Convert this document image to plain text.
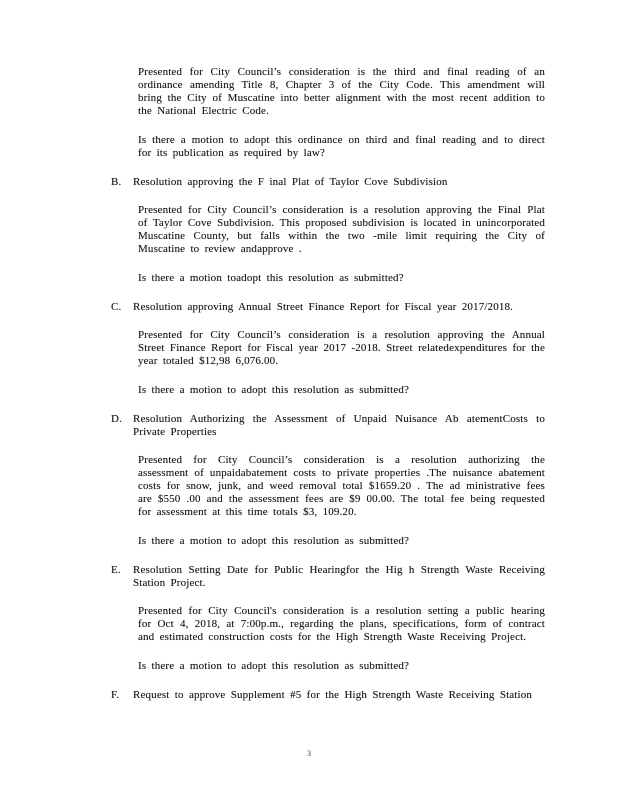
Presented for City Council’s consideration is the third and final reading of an ordinance amending Title 8, Chapter 3 of the City Code. This amendment will bring the City of Muscatine into better alignment with the most recent addition to the National Electric Code.

Is there a motion to adopt this ordinance on third and final reading and to direct for its publication as required by law?

B.	Resolution approving the F inal Plat of Taylor Cove Subdivision

Presented for City Council’s consideration is a resolution approving the Final Plat of Taylor Cove Subdivision. This proposed subdivision is located in unincorporated Muscatine County, but falls within the two -mile limit requiring the City of Muscatine to review andapprove .

Is there a motion toadopt this resolution as submitted?

C.	Resolution approving Annual Street Finance Report for Fiscal year 2017/2018.

Presented for City Council’s consideration is a resolution approving the Annual Street Finance Report for Fiscal year 2017 -2018. Street relatedexpenditures for the year totaled $12,98 6,076.00.

Is there a motion to adopt this resolution as submitted?

D.	Resolution Authorizing the Assessment of Unpaid Nuisance Ab atementCosts to Private Properties

Presented for City Council’s consideration is a resolution authorizing the assessment of unpaidabatement costs to private properties .The nuisance abatement costs for snow, junk, and weed removal total $1659.20 . The ad ministrative fees are $550 .00 and the assessment fees are $9 00.00. The total fee being requested for assessment at this time totals $3, 109.20.

Is there a motion to adopt this resolution as submitted?

E.	Resolution Setting Date for Public Hearingfor the Hig h Strength Waste Receiving Station Project.

Presented for City Council's consideration is a resolution setting a public hearing for Oct 4, 2018, at 7:00p.m., regarding the plans, specifications, form of contract and estimated construction costs for the High Strength Waste Receiving Project.

Is there a motion to adopt this resolution as submitted?

F.	Request to approve Supplement #5 for the High Strength Waste Receiving Station
3
